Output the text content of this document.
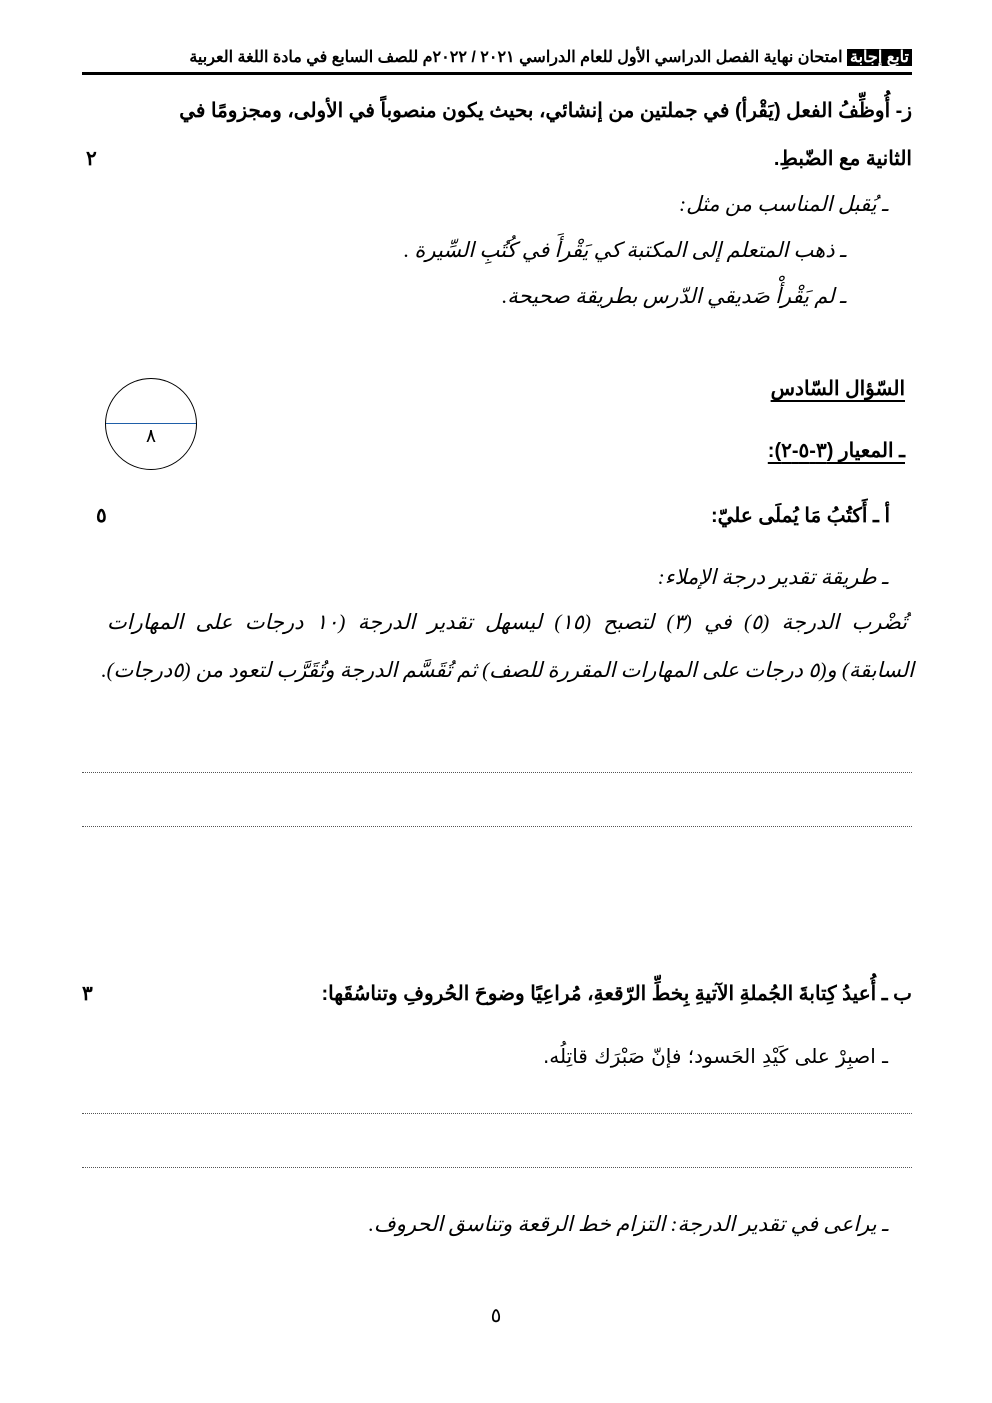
تابع إجابة امتحان نهاية الفصل الدراسي الأول للعام الدراسي ٢٠٢١ / ٢٠٢٢م للصف السابع في مادة اللغة العربية
ز- أُوظِّفُ الفعل (يَقْرأ) في جملتين من إنشائي، بحيث يكون منصوباً في الأولى، ومجزومًا في
الثانية مع الضّبطِ.
٢
ـ يُقبل المناسب من مثل:
ـ ذهب المتعلم إلى المكتبة كي يَقْرأَ في كُتُبِ السِّيرة .
ـ لم يَقْرأْ صَديقي الدّرس بطريقة صحيحة.
السّؤال السّادس
٨
ـ المعيار (٣-٥-٢):
أ ـ أَكتُبُ مَا يُملَى عليّ:
٥
ـ طريقة تقدير درجة الإملاء:
تُضْرب الدرجة (٥) في (٣) لتصبح (١٥) ليسهل تقدير الدرجة (١٠ درجات على المهارات
السابقة) و(٥ درجات على المهارات المقررة للصف) ثم تُقَسَّم الدرجة وتُقَرَّب لتعود من (٥درجات).
ب ـ أُعيدُ كِتابةَ الجُملةِ الآتيةِ بِخطِّ الرّقعةِ، مُراعِيًا وضوحَ الحُروفِ وتناسُقَها:
٣
ـ اصبِرْ على كَيْدِ الحَسود؛ فإنّ صَبْرَك قاتِلُه.
ـ يراعى في تقدير الدرجة: التزام خط الرقعة وتناسق الحروف.
٥
